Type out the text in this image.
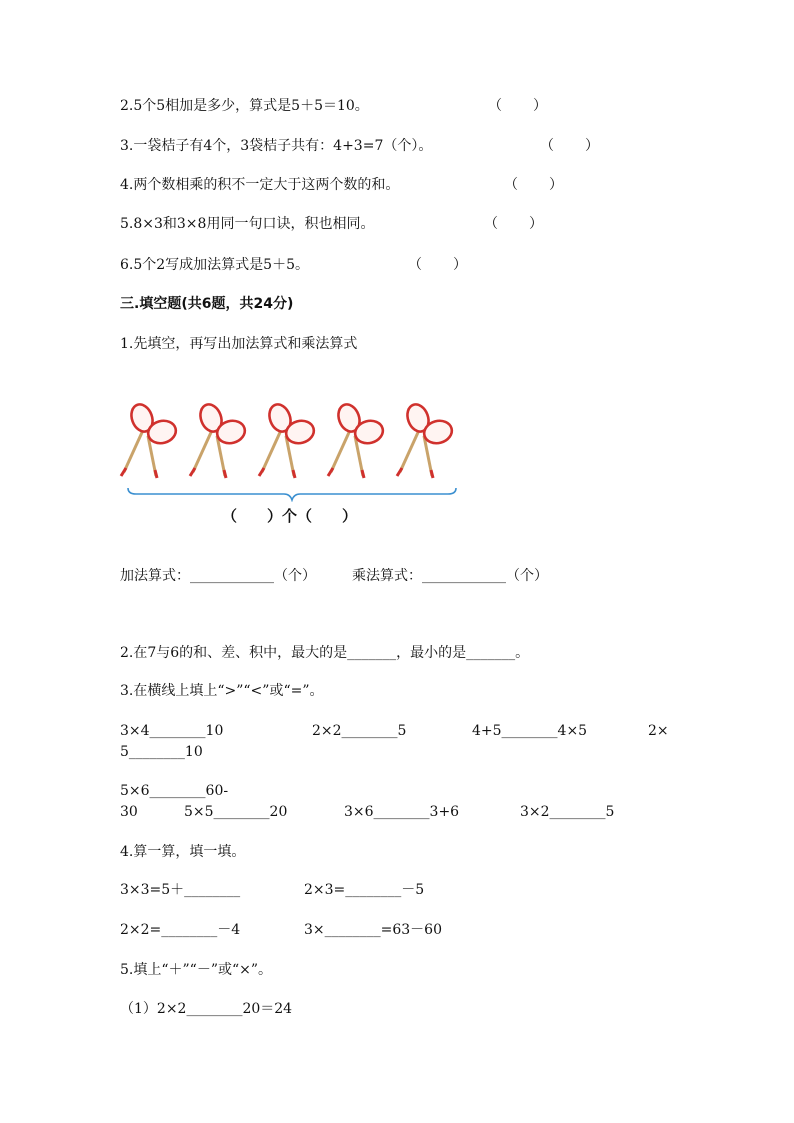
2.5个5相加是多少，算式是5＋5＝10。	（　　）
3.一袋桔子有4个，3袋桔子共有：4+3=7（个）。	（　　）
4.两个数相乘的积不一定大于这两个数的和。	（　　）
5.8×3和3×8用同一句口诀，积也相同。	（　　）
6.5个2写成加法算式是5＋5。	（　　）
三.填空题(共6题，共24分)
1.先填空，再写出加法算式和乘法算式
（　　）个（　　）
加法算式：____________（个）	乘法算式：____________（个）
2.在7与6的和、差、积中，最大的是_______，最小的是_______。
3.在横线上填上“>”“<”或“=”。
3×4________10	2×2________5	4+5________4×5	2×
5________10
5×6________60-
30	5×5________20	3×6________3+6	3×2________5
4.算一算，填一填。
3×3=5＋________	2×3=________－5
2×2=________－4	3×________=63－60
5.填上“＋”“－”或“×”。
（1）2×2________20＝24
